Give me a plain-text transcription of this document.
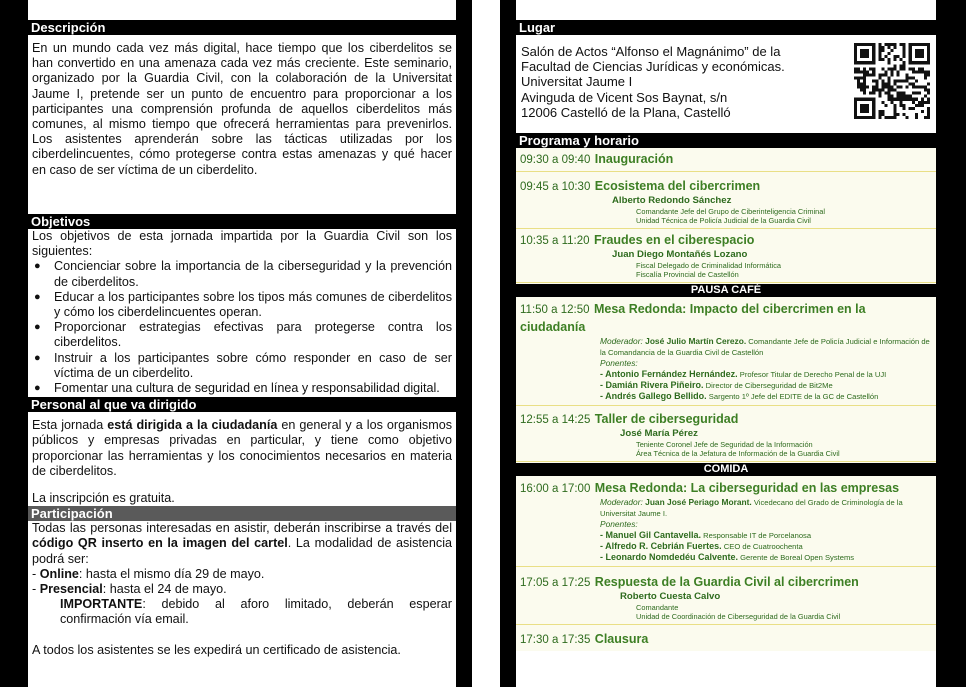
Descripción

En un mundo cada vez más digital, hace tiempo que los ciberdelitos se han convertido en una amenaza cada vez más creciente. Este seminario, organizado por la Guardia Civil, con la colaboración de la Universitat Jaume I, pretende ser un punto de encuentro para proporcionar a los participantes una comprensión profunda de aquellos ciberdelitos más comunes, al mismo tiempo que ofrecerá herramientas para prevenirlos. Los asistentes aprenderán sobre las tácticas utilizadas por los ciberdelincuentes, cómo protegerse contra estas amenazas y qué hacer en caso de ser víctima de un ciberdelito.

Objetivos

Los objetivos de esta jornada impartida por la Guardia Civil son los siguientes:

● Concienciar sobre la importancia de la ciberseguridad y la prevención de ciberdelitos.
● Educar a los participantes sobre los tipos más comunes de ciberdelitos y cómo los ciberdelincuentes operan.
● Proporcionar estrategias efectivas para protegerse contra los ciberdelitos.
● Instruir a los participantes sobre cómo responder en caso de ser víctima de un ciberdelito.
● Fomentar una cultura de seguridad en línea y responsabilidad digital.
Personal al que va dirigido

Esta jornada está dirigida a la ciudadanía en general y a los organismos públicos y empresas privadas en particular, y tiene como objetivo proporcionar las herramientas y los conocimientos necesarios en materia de ciberdelitos.

La inscripción es gratuita.

Participación

Todas las personas interesadas en asistir, deberán inscribirse a través del código QR inserto en la imagen del cartel. La modalidad de asistencia podrá ser:

- Online: hasta el mismo día 29 de mayo.

- Presencial: hasta el 24 de mayo.

IMPORTANTE: debido al aforo limitado, deberán esperar confirmación vía email.

A todos los asistentes se les expedirá un certificado de asistencia.

Lugar
Salón de Actos “Alfonso el Magnánimo” de la
Facultad de Ciencias Jurídicas y económicas.
Universitat Jaume I
Avinguda de Vicent Sos Baynat, s/n
12006 Castelló de la Plana, Castelló
Programa y horario
09:30 a 09:40 Inauguración
09:45 a 10:30 Ecosistema del cibercrimen
Alberto Redondo Sánchez
Comandante Jefe del Grupo de Ciberinteligencia Criminal
Unidad Técnica de Policía Judicial de la Guardia Civil
10:35 a 11:20 Fraudes en el ciberespacio
Juan Diego Montañés Lozano
Fiscal Delegado de Criminalidad Informática
Fiscalía Provincial de Castellón
PAUSA CAFÉ
11:50 a 12:50 Mesa Redonda: Impacto del cibercrimen en la ciudadanía
Moderador: José Julio Martín Cerezo. Comandante Jefe de Policía Judicial e Información de la Comandancia de la Guardia Civil de Castellón
Ponentes:
- Antonio Fernández Hernández. Profesor Titular de Derecho Penal de la UJI
- Damián Rivera Piñeiro. Director de Ciberseguridad de Bit2Me
- Andrés Gallego Bellido. Sargento 1º Jefe del EDITE de la GC de Castellón
12:55 a 14:25 Taller de ciberseguridad
José María Pérez
Teniente Coronel Jefe de Seguridad de la Información
Área Técnica de la Jefatura de Información de la Guardia Civil
COMIDA
16:00 a 17:00 Mesa Redonda: La ciberseguridad en las empresas
Moderador: Juan José Periago Morant. Vicedecano del Grado de Criminología de la Universitat Jaume I.
Ponentes:
- Manuel Gil Cantavella. Responsable IT de Porcelanosa
- Alfredo R. Cebrián Fuertes. CEO de Cuatroochenta
- Leonardo Nomdedéu Calvente. Gerente de Boreal Open Systems
17:05 a 17:25 Respuesta de la Guardia Civil al cibercrimen
Roberto Cuesta Calvo
Comandante
Unidad de Coordinación de Ciberseguridad de la Guardia Civil
17:30 a 17:35 Clausura
